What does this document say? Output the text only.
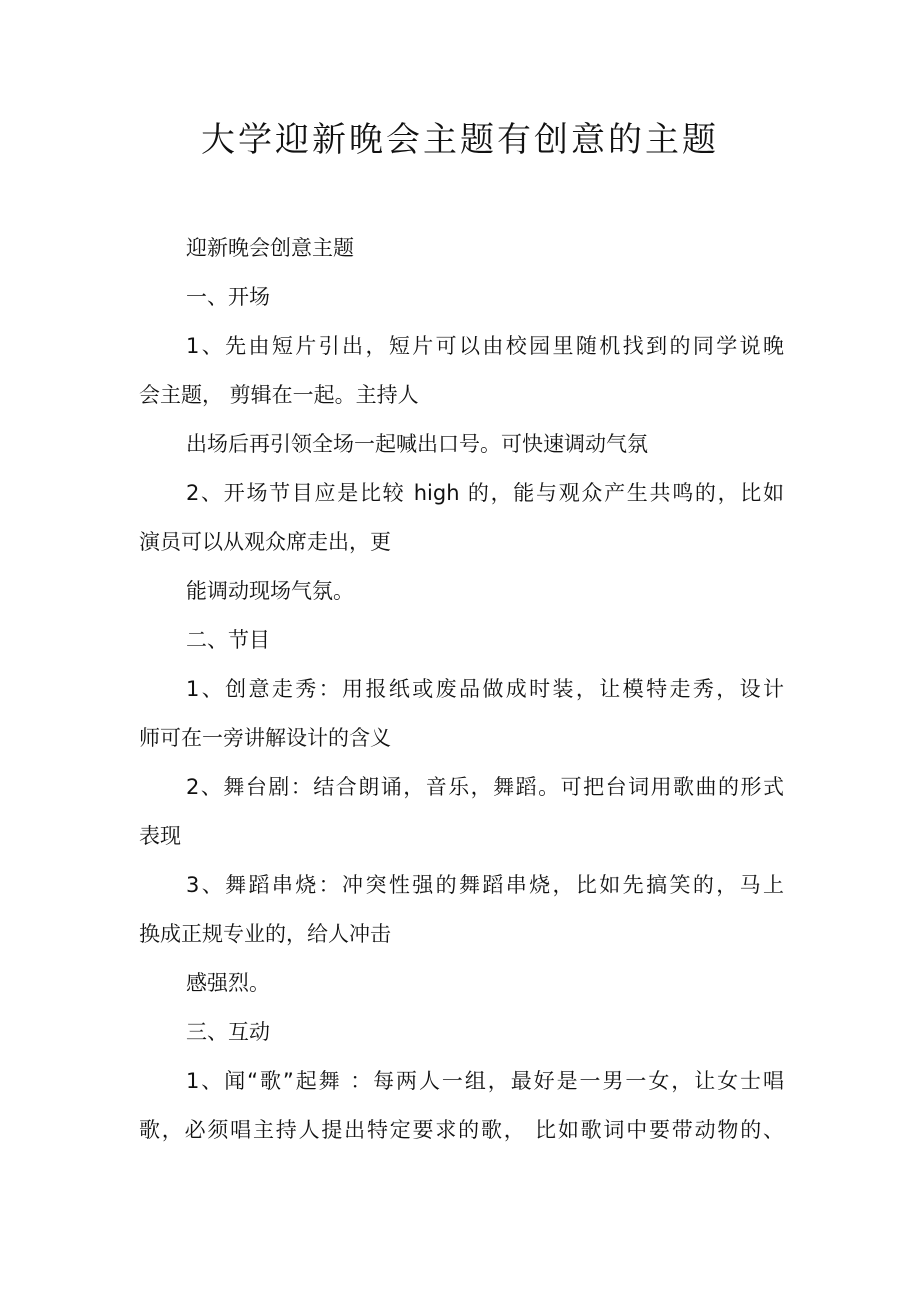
大学迎新晚会主题有创意的主题
迎新晚会创意主题
一、开场
1、先由短片引出，短片可以由校园里随机找到的同学说晚
会主题， 剪辑在一起。主持人
出场后再引领全场一起喊出口号。可快速调动气氛
2、开场节目应是比较 high 的，能与观众产生共鸣的，比如
演员可以从观众席走出，更
能调动现场气氛。
二、节目
1、创意走秀：用报纸或废品做成时装，让模特走秀，设计
师可在一旁讲解设计的含义
2、舞台剧：结合朗诵，音乐，舞蹈。可把台词用歌曲的形式
表现
3、舞蹈串烧：冲突性强的舞蹈串烧，比如先搞笑的，马上
换成正规专业的，给人冲击
感强烈。
三、互动
1、闻“歌”起舞 ：每两人一组，最好是一男一女，让女士唱
歌，必须唱主持人提出特定要求的歌， 比如歌词中要带动物的、
